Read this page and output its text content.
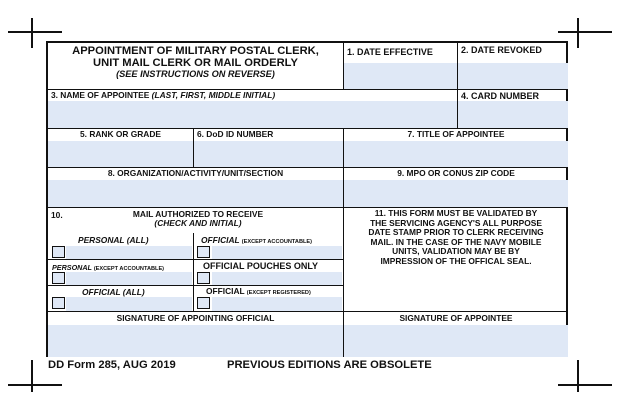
APPOINTMENT OF MILITARY POSTAL CLERK,
UNIT MAIL CLERK OR MAIL ORDERLY
(SEE INSTRUCTIONS ON REVERSE)
1. DATE EFFECTIVE	2. DATE REVOKED
3. NAME OF APPOINTEE (LAST, FIRST, MIDDLE INITIAL)	4. CARD NUMBER
5. RANK OR GRADE	6. DoD ID NUMBER	7. TITLE OF APPOINTEE
8. ORGANIZATION/ACTIVITY/UNIT/SECTION	9. MPO OR CONUS ZIP CODE
10.	MAIL AUTHORIZED TO RECEIVE
(CHECK AND INITIAL)
PERSONAL (ALL)	OFFICIAL (EXCEPT ACCOUNTABLE)
PERSONAL (EXCEPT ACCOUNTABLE)	OFFICIAL POUCHES ONLY
OFFICIAL (ALL)	OFFICIAL (EXCEPT REGISTERED)
11. THIS FORM MUST BE VALIDATED BY
THE SERVICING AGENCY'S ALL PURPOSE
DATE STAMP PRIOR TO CLERK RECEIVING
MAIL. IN THE CASE OF THE NAVY MOBILE
UNITS, VALIDATION MAY BE BY
IMPRESSION OF THE OFFICAL SEAL.
SIGNATURE OF APPOINTING OFFICIAL	SIGNATURE OF APPOINTEE
DD Form 285, AUG 2019	PREVIOUS EDITIONS ARE OBSOLETE
